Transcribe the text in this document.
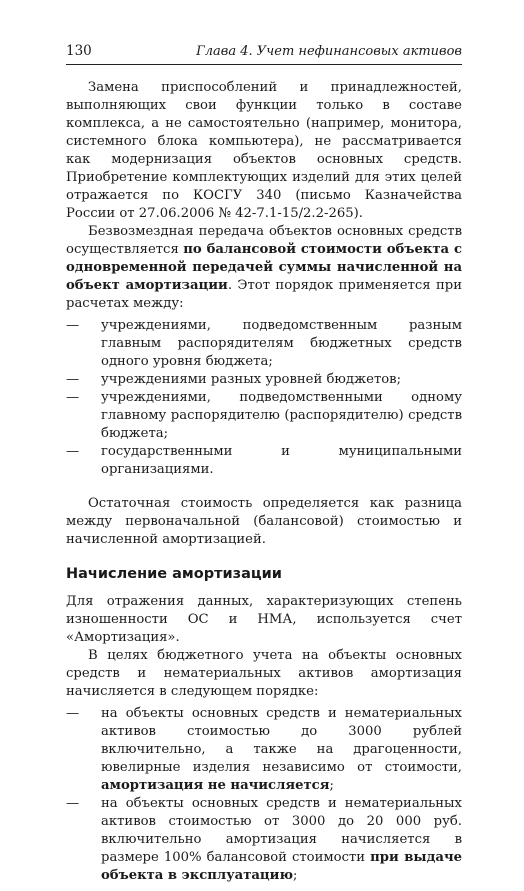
130	Глава 4. Учет нефинансовых активов

Замена приспособлений и принадлежностей, выполняющих свои функции только в составе комплекса, а не самостоятельно (например, монитора, системного блока компьютера), не рассматривается как модернизация объектов основных средств. Приобретение комплектующих изделий для этих целей отражается по КОСГУ 340 (письмо Казначейства России от 27.06.2006 № 42-7.1-15/2.2-265).

Безвозмездная передача объектов основных средств осуществляется по балансовой стоимости объекта с одновременной передачей суммы начисленной на объект амортизации. Этот порядок применяется при расчетах между:

— учреждениями, подведомственным разным главным распорядителям бюджетных средств одного уровня бюджета;
— учреждениями разных уровней бюджетов;
— учреждениями, подведомственными одному главному распорядителю (распорядителю) средств бюджета;
— государственными и муниципальными организациями.

Остаточная стоимость определяется как разница между первоначальной (балансовой) стоимостью и начисленной амортизацией.

Начисление амортизации

Для отражения данных, характеризующих степень изношенности ОС и НМА, используется счет «Амортизация».

В целях бюджетного учета на объекты основных средств и нематериальных активов амортизация начисляется в следующем порядке:

— на объекты основных средств и нематериальных активов стоимостью до 3000 рублей включительно, а также на драгоценности, ювелирные изделия независимо от стоимости, амортизация не начисляется;
— на объекты основных средств и нематериальных активов стоимостью от 3000 до 20 000 руб. включительно амортизация начисляется в размере 100% балансовой стоимости при выдаче объекта в эксплуатацию;
